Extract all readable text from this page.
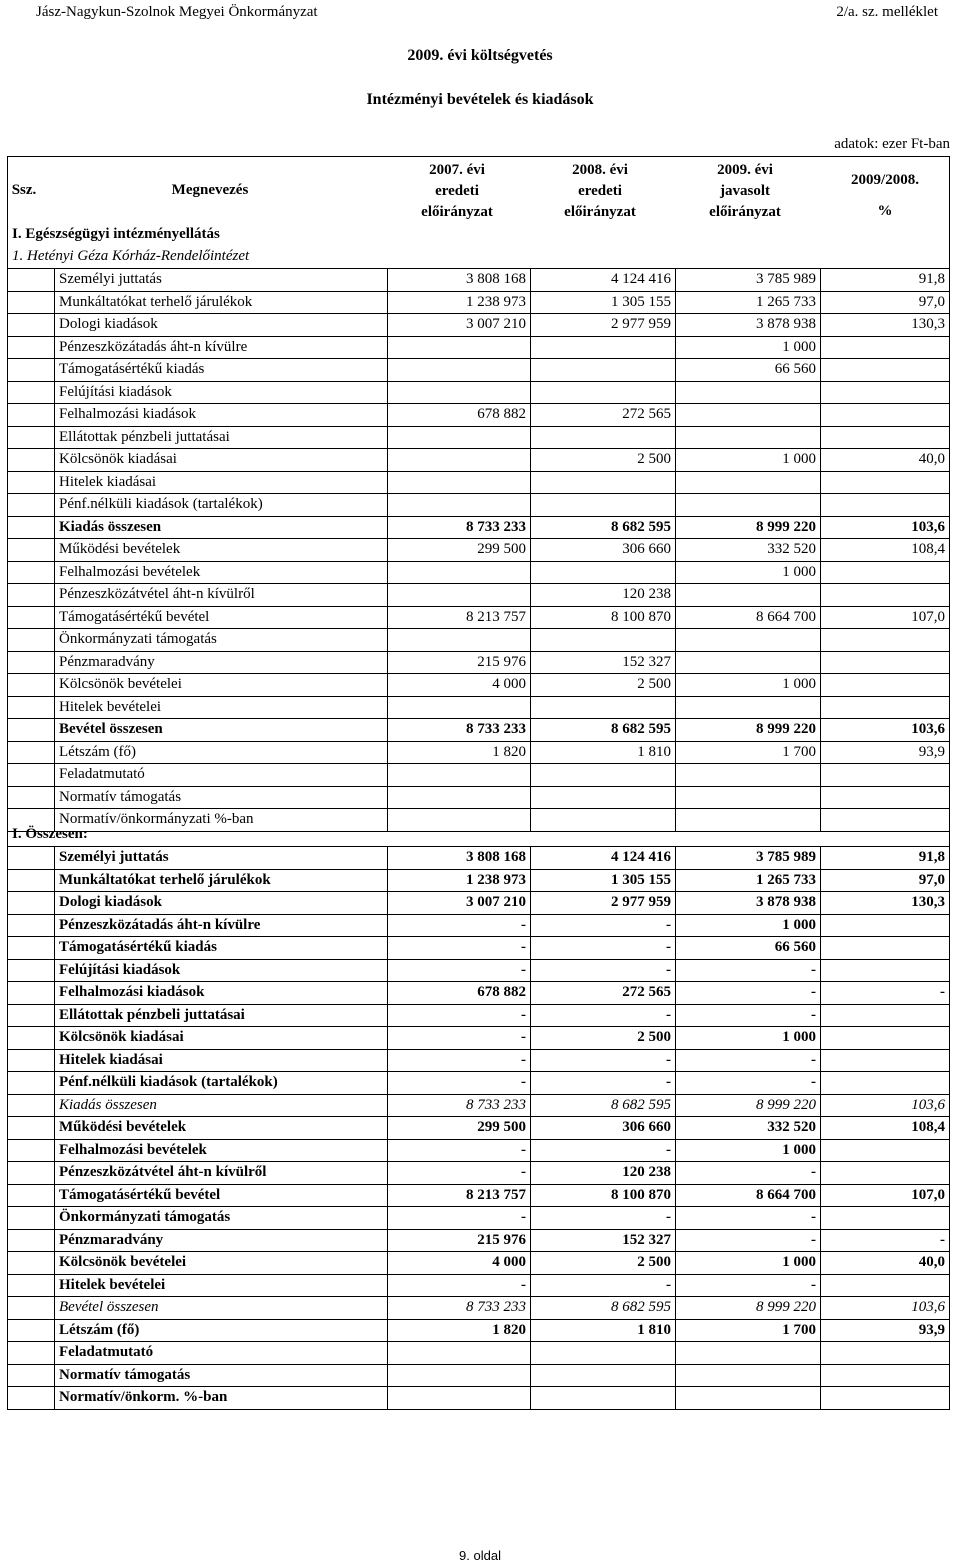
Jász-Nagykun-Szolnok Megyei Önkormányzat	2/a. sz. melléklet
2009. évi költségvetés
Intézményi bevételek és kiadások
adatok: ezer Ft-ban
Ssz.	Megnevezés
2007. évi
eredeti
előirányzat
2008. évi
eredeti
előirányzat
2009. évi
javasolt
előirányzat
2009/2008.
%
I. Egészségügyi intézményellátás
1. Hetényi Géza Kórház-Rendelőintézet
	Személyi juttatás	3 808 168	4 124 416	3 785 989	91,8
	Munkáltatókat terhelő járulékok	1 238 973	1 305 155	1 265 733	97,0
	Dologi kiadások	3 007 210	2 977 959	3 878 938	130,3
	Pénzeszközátadás áht-n kívülre			1 000	
	Támogatásértékű kiadás			66 560	
	Felújítási kiadások				
	Felhalmozási kiadások	678 882	272 565		
	Ellátottak pénzbeli juttatásai				
	Kölcsönök kiadásai		2 500	1 000	40,0
	Hitelek kiadásai				
	Pénf.nélküli kiadások (tartalékok)				
	Kiadás összesen	8 733 233	8 682 595	8 999 220	103,6
	Működési bevételek	299 500	306 660	332 520	108,4
	Felhalmozási bevételek			1 000	
	Pénzeszközátvétel áht-n kívülről		120 238		
	Támogatásértékű bevétel	8 213 757	8 100 870	8 664 700	107,0
	Önkormányzati támogatás				
	Pénzmaradvány	215 976	152 327		
	Kölcsönök bevételei	4 000	2 500	1 000	
	Hitelek bevételei				
	Bevétel összesen	8 733 233	8 682 595	8 999 220	103,6
	Létszám (fő)	1 820	1 810	1 700	93,9
	Feladatmutató				
	Normatív támogatás				
	Normatív/önkormányzati %-ban				
I. Összesen:
	Személyi juttatás	3 808 168	4 124 416	3 785 989	91,8
	Munkáltatókat terhelő járulékok	1 238 973	1 305 155	1 265 733	97,0
	Dologi kiadások	3 007 210	2 977 959	3 878 938	130,3
	Pénzeszközátadás áht-n kívülre	-	-	1 000	
	Támogatásértékű kiadás	-	-	66 560	
	Felújítási kiadások	-	-	-	
	Felhalmozási kiadások	678 882	272 565	-	-
	Ellátottak pénzbeli juttatásai	-	-	-	
	Kölcsönök kiadásai	-	2 500	1 000	
	Hitelek kiadásai	-	-	-	
	Pénf.nélküli kiadások (tartalékok)	-	-	-	
	Kiadás összesen	8 733 233	8 682 595	8 999 220	103,6
	Működési bevételek	299 500	306 660	332 520	108,4
	Felhalmozási bevételek	-	-	1 000	
	Pénzeszközátvétel áht-n kívülről	-	120 238	-	
	Támogatásértékű bevétel	8 213 757	8 100 870	8 664 700	107,0
	Önkormányzati támogatás	-	-	-	
	Pénzmaradvány	215 976	152 327	-	-
	Kölcsönök bevételei	4 000	2 500	1 000	40,0
	Hitelek bevételei	-	-	-	
	Bevétel összesen	8 733 233	8 682 595	8 999 220	103,6
	Létszám (fő)	1 820	1 810	1 700	93,9
	Feladatmutató				
	Normatív támogatás				
	Normatív/önkorm. %-ban				
9. oldal
